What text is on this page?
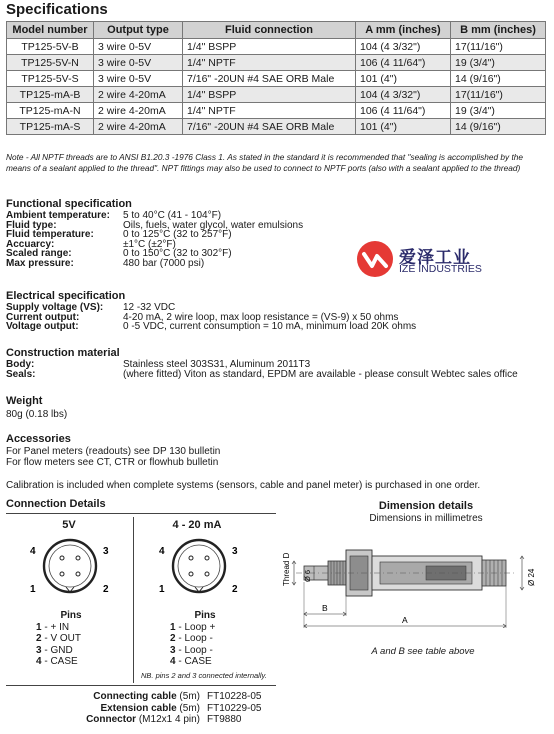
Specifications
Model number	Output type	Fluid connection	A mm (inches)	B mm (inches)
TP125-5V-B	3 wire 0-5V	1/4" BSPP	104 (4 3/32")	17(11/16")
TP125-5V-N	3 wire 0-5V	1/4" NPTF	106 (4 11/64")	19 (3/4")
TP125-5V-S	3 wire 0-5V	7/16" -20UN #4 SAE ORB Male	101 (4")	14 (9/16")
TP125-mA-B	2 wire 4-20mA	1/4" BSPP	104 (4 3/32")	17(11/16")
TP125-mA-N	2 wire 4-20mA	1/4" NPTF	106 (4 11/64")	19 (3/4")
TP125-mA-S	2 wire 4-20mA	7/16" -20UN #4 SAE ORB Male	101 (4")	14 (9/16")
Note - All NPTF threads are to ANSI B1.20.3 -1976 Class 1. As stated in the standard it is recommended that "sealing is accomplished by the means of a sealant applied to the thread". NPT fittings may also be used to connect to NPTF ports (also with a sealant applied to the thread)
Functional specification
Ambient temperature:	5 to 40°C (41 - 104°F)
Fluid type:	Oils, fuels, water glycol, water emulsions
Fluid temperature:	0 to 125°C (32 to 257°F)
Accuarcy:	±1°C (±2°F)
Scaled range:	0 to 150°C (32 to 302°F)
Max pressure:	480 bar (7000 psi)	爱泽工业
IZE INDUSTRIES
Electrical specification
Supply voltage (VS):	12 -32 VDC
Current output:	4-20 mA, 2 wire loop, max loop resistance = (VS-9) x 50 ohms
Voltage output:	0 -5 VDC, current consumption = 10 mA, minimum load 20K ohms
Construction material
Body:	Stainless steel 303S31, Aluminum 2011T3
Seals:	(where fitted) Viton as standard, EPDM are available - please consult Webtec sales office
Weight
80g (0.18 lbs)
Accessories
For Panel meters (readouts) see DP 130 bulletin
For flow meters see CT, CTR or flowhub bulletin
Calibration is included when complete systems (sensors, cable and panel meter) is purchased in one order.
Connection Details
5V	4 - 20 mA
4	3
1	2
4	3
1	2
Pins
1 - + IN
2 - V OUT
3 - GND
4 - CASE
Pins
1 - Loop +
2 - Loop -
3 - Loop -
4 - CASE
NB. pins 2 and 3 connected internally.
Connecting cable (5m) FT10228-05
Extension cable (5m) FT10229-05
Connector (M12x1 4 pin) FT9880
Dimension details
Dimensions in millimetres
Thread D Ø 6	Ø 24
B
A
A and B see table above
